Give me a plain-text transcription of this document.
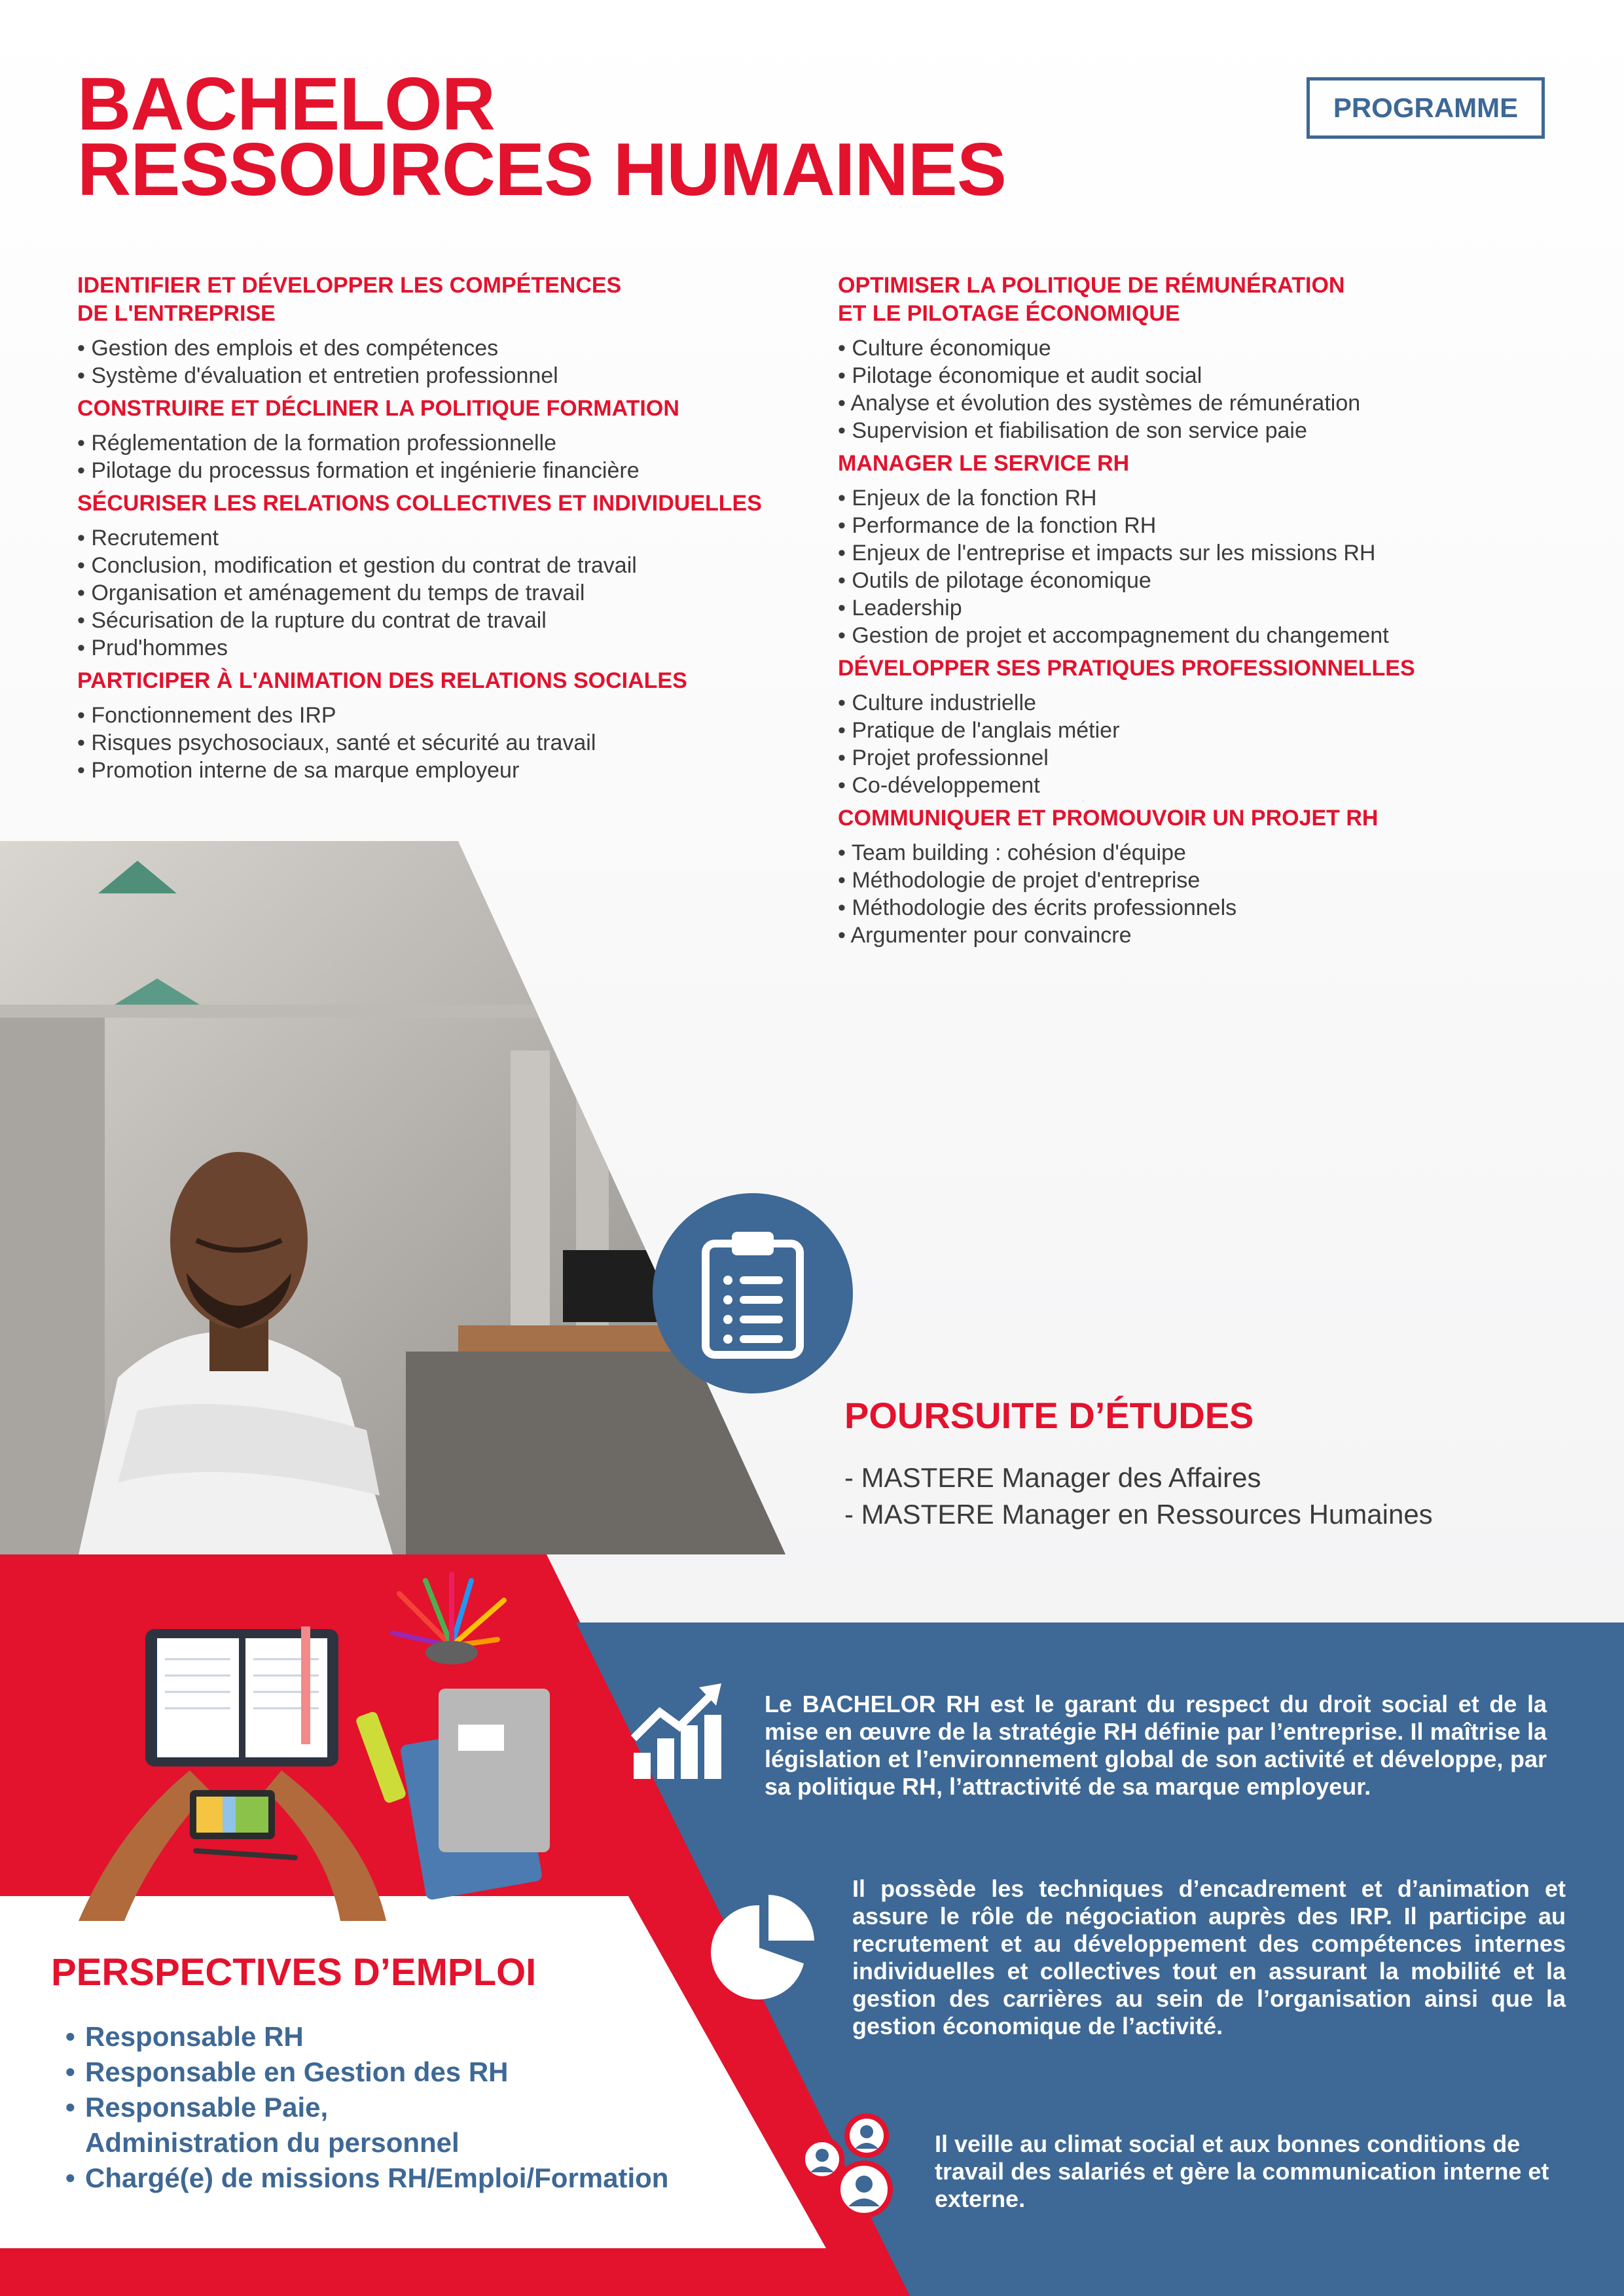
BACHELOR
RESSOURCES HUMAINES
PROGRAMME
IDENTIFIER ET DÉVELOPPER LES COMPÉTENCES
DE L'ENTREPRISE
• Gestion des emplois et des compétences
• Système d'évaluation et entretien professionnel
CONSTRUIRE ET DÉCLINER LA POLITIQUE FORMATION
• Réglementation de la formation professionnelle
• Pilotage du processus formation et ingénierie financière
SÉCURISER LES RELATIONS COLLECTIVES ET INDIVIDUELLES
• Recrutement
• Conclusion, modification et gestion du contrat de travail
• Organisation et aménagement du temps de travail
• Sécurisation de la rupture du contrat de travail
• Prud'hommes
PARTICIPER À L'ANIMATION DES RELATIONS SOCIALES
• Fonctionnement des IRP
• Risques psychosociaux, santé et sécurité au travail
• Promotion interne de sa marque employeur
OPTIMISER LA POLITIQUE DE RÉMUNÉRATION
ET LE PILOTAGE ÉCONOMIQUE
• Culture économique
• Pilotage économique et audit social
• Analyse et évolution des systèmes de rémunération
• Supervision et fiabilisation de son service paie
MANAGER LE SERVICE RH
• Enjeux de la fonction RH
• Performance de la fonction RH
• Enjeux de l'entreprise et impacts sur les missions RH
• Outils de pilotage économique
• Leadership
• Gestion de projet et accompagnement du changement
DÉVELOPPER SES PRATIQUES PROFESSIONNELLES
• Culture industrielle
• Pratique de l'anglais métier
• Projet professionnel
• Co-développement
COMMUNIQUER ET PROMOUVOIR UN PROJET RH
• Team building : cohésion d'équipe
• Méthodologie de projet d'entreprise
• Méthodologie des écrits professionnels
• Argumenter pour convaincre
POURSUITE D’ÉTUDES
- MASTERE Manager des Affaires
- MASTERE Manager en Ressources Humaines

Le BACHELOR RH est le garant du respect du droit social et de la mise en œuvre de la stratégie RH définie par l’entreprise. Il maîtrise la législation et l’environnement global de son activité et développe, par sa politique RH, l’attractivité de sa marque employeur.

Il possède les techniques d’encadrement et d’animation et assure le rôle de négociation auprès des IRP. Il participe au recrutement et au développement des compétences internes individuelles et collectives tout en assurant la mobilité et la gestion des carrières au sein de l’organisation ainsi que la gestion économique de l’activité.

Il veille au climat social et aux bonnes conditions de travail des salariés et gère la communication interne et externe.

PERSPECTIVES D’EMPLOI
• Responsable RH
• Responsable en Gestion des RH
• Responsable Paie,
Administration du personnel
• Chargé(e) de missions RH/Emploi/Formation
